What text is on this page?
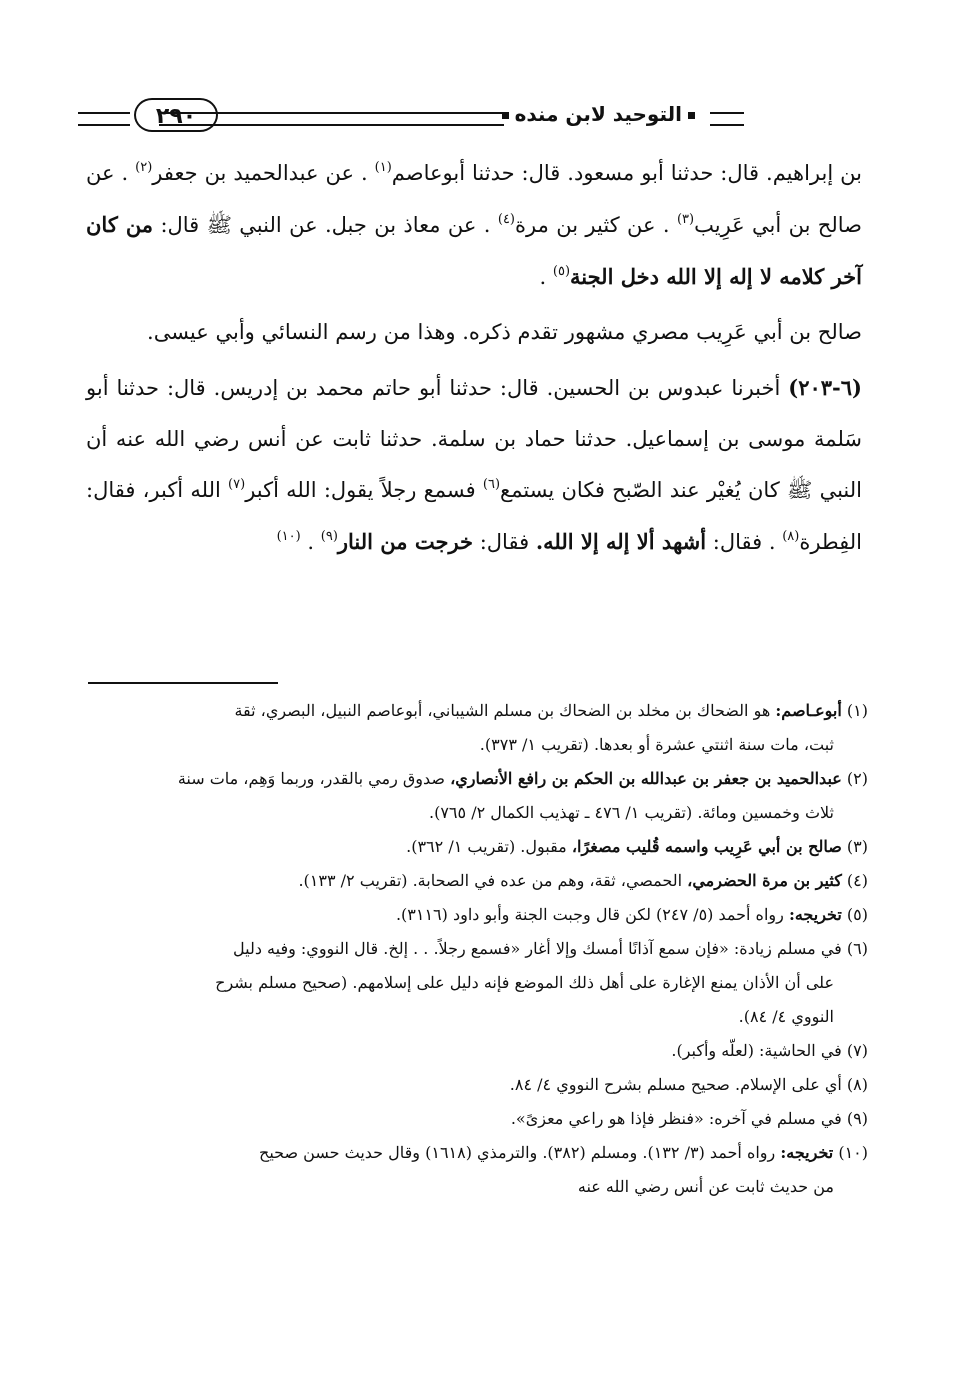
التوحيد لابن منده
٢٩٠

بن إبراهيم. قال: حدثنا أبو مسعود. قال: حدثنا أبوعاصم$^{(١)}$ . عن عبدالحميد بن جعفر$^{(٢)}$ . عن صالح بن أبي عَرِيب$^{(٣)}$ . عن كثير بن مرة$^{(٤)}$ . عن معاذ بن جبل. عن النبي ﷺ قال: من كان آخر كلامه لا إله إلا الله دخل الجنة$^{(٥)}$ .

صالح بن أبي عَرِيب مصري مشهور تقدم ذكره. وهذا من رسم النسائي وأبي عيسى.

(٦-٢٠٣) أخبرنا عبدوس بن الحسين. قال: حدثنا أبو حاتم محمد بن إدريس. قال: حدثنا أبو سَلمة موسى بن إسماعيل. حدثنا حماد بن سلمة. حدثنا ثابت عن أنس رضي الله عنه أن النبي ﷺ كان يُغيْر عند الصّبح فكان يستمع$^{(٦)}$ فسمع رجلاً يقول: الله أكبر$^{(٧)}$ الله أكبر، فقال: الفِطرة$^{(٨)}$ . فقال: أشهد ألا إله إلا الله. فقال: خرجت من النار$^{(٩)}$ . $^{(١٠)}$

(١) أبوعـاصم: هو الضحاك بن مخلد بن الضحاك بن مسلم الشيباني، أبوعاصم النبيل، البصري، ثقة
ثبت، مات سنة اثنتي عشرة أو بعدها. (تقريب ١/ ٣٧٣).

(٢) عبدالحميد بن جعفر بن عبدالله بن الحكم بن رافع الأنصاري، صدوق رمي بالقدر، وربما وَهِم، مات سنة
ثلاث وخمسين ومائة. (تقريب ١/ ٤٧٦ ـ تهذيب الكمال ٢/ ٧٦٥).

(٣) صالح بن أبي عَرِيب واسمه قُليب مصغرًا، مقبول. (تقريب ١/ ٣٦٢).

(٤) كثير بن مرة الحضرمي، الحمصي، ثقة، وهم من عده في الصحابة. (تقريب ٢/ ١٣٣).

(٥) تخريجه: رواه أحمد (٥/ ٢٤٧) لكن قال وجبت الجنة وأبو داود (٣١١٦).

(٦) في مسلم زيادة: «فإن سمع آذانًا أمسك وإلا أغار «فسمع رجلاً. . . إلخ. قال النووي: وفيه دليل
على أن الأذان يمنع الإغارة على أهل ذلك الموضع فإنه دليل على إسلامهم. (صحيح مسلم بشرح
النووي ٤/ ٨٤).

(٧) في الحاشية: (لعلّه وأكبر).

(٨) أي على الإسلام. صحيح مسلم بشرح النووي ٤/ ٨٤.

(٩) في مسلم في آخره: «فنظر فإذا هو راعي معزىً».

(١٠) تخريجه: رواه أحمد (٣/ ١٣٢). ومسلم (٣٨٢). والترمذي (١٦١٨) وقال حديث حسن صحيح
من حديث ثابت عن أنس رضي الله عنه
